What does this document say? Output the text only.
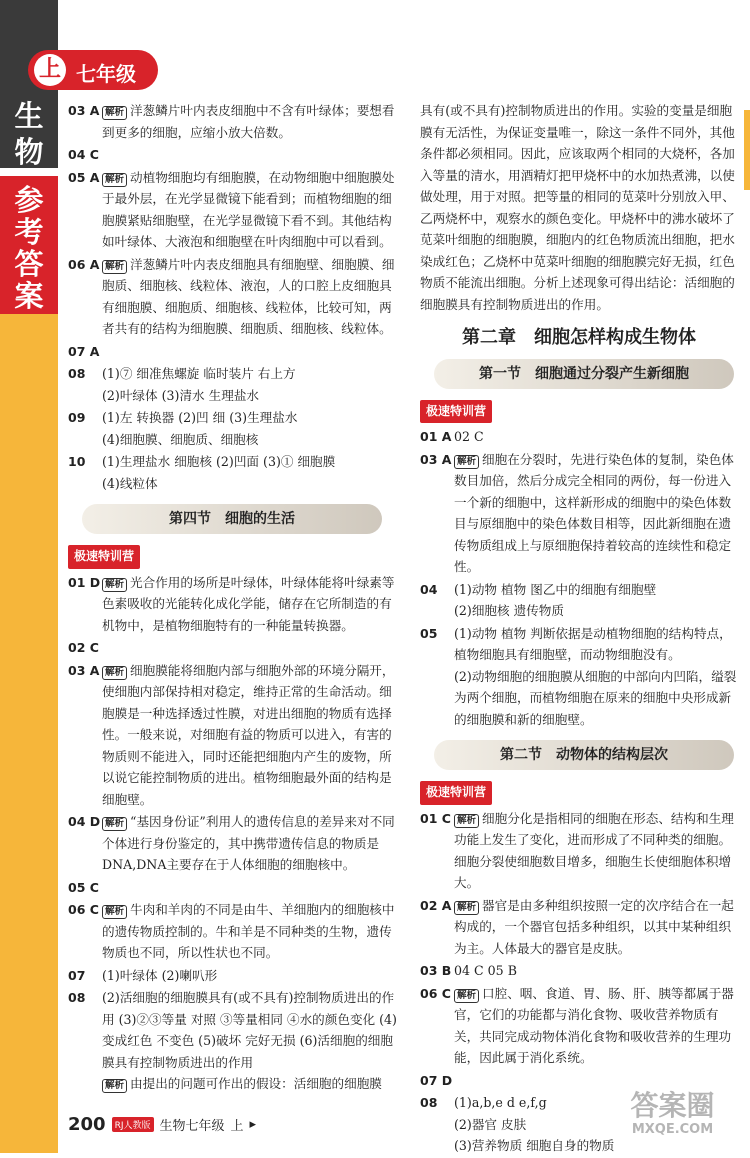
生
物
参
考
答
案
上 七年级
03 A 解析 洋葱鳞片叶内表皮细胞中不含有叶绿体；要想看到更多的细胞，应缩小放大倍数。
04 C
05 A 解析 动植物细胞均有细胞膜，在动物细胞中细胞膜处于最外层，在光学显微镜下能看到；而植物细胞的细胞膜紧贴细胞壁，在光学显微镜下看不到。其他结构如叶绿体、大液泡和细胞壁在叶肉细胞中可以看到。
06 A 解析 洋葱鳞片叶内表皮细胞具有细胞壁、细胞膜、细胞质、细胞核、线粒体、液泡，人的口腔上皮细胞具有细胞膜、细胞质、细胞核、线粒体，比较可知，两者共有的结构为细胞膜、细胞质、细胞核、线粒体。
07 A
08	(1)⑦ 细准焦螺旋 临时装片 右上方
(2)叶绿体 (3)清水 生理盐水
09	(1)左 转换器 (2)凹 细 (3)生理盐水
(4)细胞膜、细胞质、细胞核
10	(1)生理盐水 细胞核 (2)凹面 (3)① 细胞膜
(4)线粒体
第四节　细胞的生活
极速特训营
01 D 解析 光合作用的场所是叶绿体，叶绿体能将叶绿素等色素吸收的光能转化成化学能，储存在它所制造的有机物中，是植物细胞特有的一种能量转换器。
02 C
03 A 解析 细胞膜能将细胞内部与细胞外部的环境分隔开，使细胞内部保持相对稳定，维持正常的生命活动。细胞膜是一种选择透过性膜，对进出细胞的物质有选择性。一般来说，对细胞有益的物质可以进入，有害的物质则不能进入，同时还能把细胞内产生的废物，所以说它能控制物质的进出。植物细胞最外面的结构是细胞壁。
04 D 解析 “基因身份证”利用人的遗传信息的差异来对不同个体进行身份鉴定的，其中携带遗传信息的物质是DNA,DNA主要存在于人体细胞的细胞核中。
05 C
06 C 解析 牛肉和羊肉的不同是由牛、羊细胞内的细胞核中的遗传物质控制的。牛和羊是不同种类的生物，遗传物质也不同，所以性状也不同。
07	(1)叶绿体 (2)喇叭形
08	(2)活细胞的细胞膜具有(或不具有)控制物质进出的作用 (3)②③等量 对照 ③等量相同 ④水的颜色变化 (4)变成红色 不变色 (5)破坏 完好无损 (6)活细胞的细胞膜具有控制物质进出的作用
解析 由提出的问题可作出的假设：活细胞的细胞膜
具有(或不具有)控制物质进出的作用。实验的变量是细胞膜有无活性，为保证变量唯一，除这一条件不同外，其他条件都必须相同。因此，应该取两个相同的大烧杯，各加入等量的清水，用酒精灯把甲烧杯中的水加热煮沸，以使做处理，用于对照。把等量的相同的苋菜叶分别放入甲、乙两烧杯中，观察水的颜色变化。甲烧杯中的沸水破坏了苋菜叶细胞的细胞膜，细胞内的红色物质流出细胞，把水染成红色；乙烧杯中苋菜叶细胞的细胞膜完好无损，红色物质不能流出细胞。分析上述现象可得出结论：活细胞的细胞膜具有控制物质进出的作用。
第二章　细胞怎样构成生物体
第一节　细胞通过分裂产生新细胞
极速特训营
01 A 02 C
03 A 解析 细胞在分裂时，先进行染色体的复制，染色体数目加倍，然后分成完全相同的两份，每一份进入一个新的细胞中，这样新形成的细胞中的染色体数目与原细胞中的染色体数目相等，因此新细胞在遗传物质组成上与原细胞保持着较高的连续性和稳定性。
04	(1)动物 植物 图乙中的细胞有细胞壁
(2)细胞核 遗传物质
05	(1)动物 植物 判断依据是动植物细胞的结构特点，植物细胞具有细胞壁，而动物细胞没有。
(2)动物细胞的细胞膜从细胞的中部向内凹陷，缢裂为两个细胞，而植物细胞在原来的细胞中央形成新的细胞膜和新的细胞壁。
第二节　动物体的结构层次
极速特训营
01 C 解析 细胞分化是指相同的细胞在形态、结构和生理功能上发生了变化，进而形成了不同种类的细胞。细胞分裂使细胞数目增多，细胞生长使细胞体积增大。
02 A 解析 器官是由多种组织按照一定的次序结合在一起构成的，一个器官包括多种组织，以其中某种组织为主。人体最大的器官是皮肤。
03 B 04 C 05 B
06 C 解析 口腔、咽、食道、胃、肠、肝、胰等都属于器官，它们的功能都与消化食物、吸收营养物质有关，共同完成动物体消化食物和吸收营养的生理功能，因此属于消化系统。
07 D
08	(1)a,b,e d e,f,g
(2)器官 皮肤
(3)营养物质 细胞自身的物质
200	RJ人教版 生物七年级 上 ▸
答案圈
MXQE.COM
